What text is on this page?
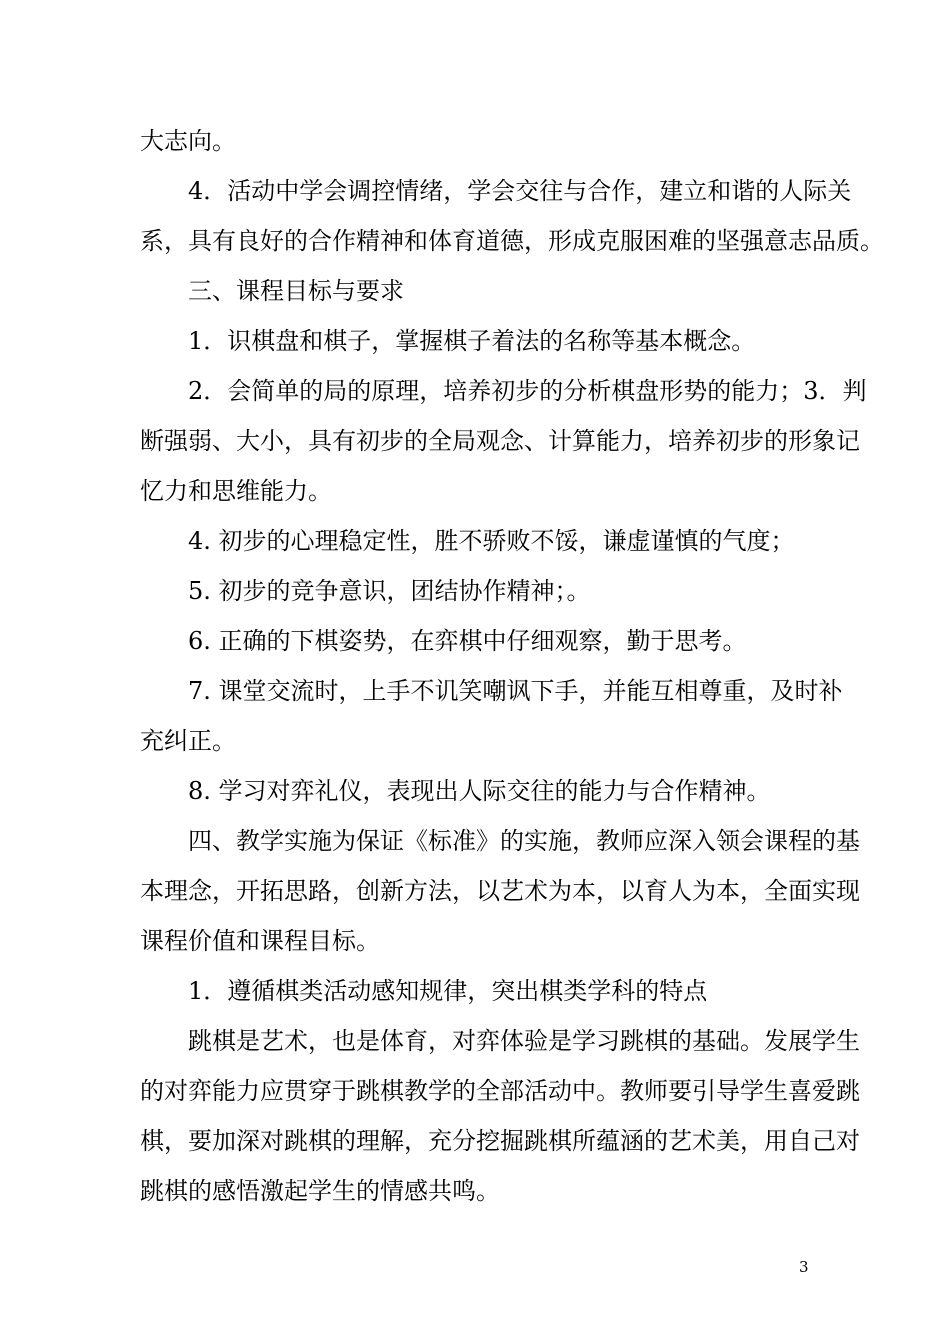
大志向。

4．活动中学会调控情绪，学会交往与合作，建立和谐的人际关
系，具有良好的合作精神和体育道德，形成克服困难的坚强意志品质。

三、课程目标与要求

1．识棋盘和棋子，掌握棋子着法的名称等基本概念。

2．会简单的局的原理，培养初步的分析棋盘形势的能力；3．判
断强弱、大小，具有初步的全局观念、计算能力，培养初步的形象记
忆力和思维能力。

4. 初步的心理稳定性，胜不骄败不馁，谦虚谨慎的气度；

5. 初步的竞争意识，团结协作精神；。

6. 正确的下棋姿势，在弈棋中仔细观察，勤于思考。

7. 课堂交流时，上手不讥笑嘲讽下手，并能互相尊重，及时补
充纠正。

8. 学习对弈礼仪，表现出人际交往的能力与合作精神。

四、教学实施为保证《标准》的实施，教师应深入领会课程的基
本理念，开拓思路，创新方法，以艺术为本，以育人为本，全面实现
课程价值和课程目标。

1．遵循棋类活动感知规律，突出棋类学科的特点

跳棋是艺术，也是体育，对弈体验是学习跳棋的基础。发展学生
的对弈能力应贯穿于跳棋教学的全部活动中。教师要引导学生喜爱跳
棋，要加深对跳棋的理解，充分挖掘跳棋所蕴涵的艺术美，用自己对
跳棋的感悟激起学生的情感共鸣。

3
